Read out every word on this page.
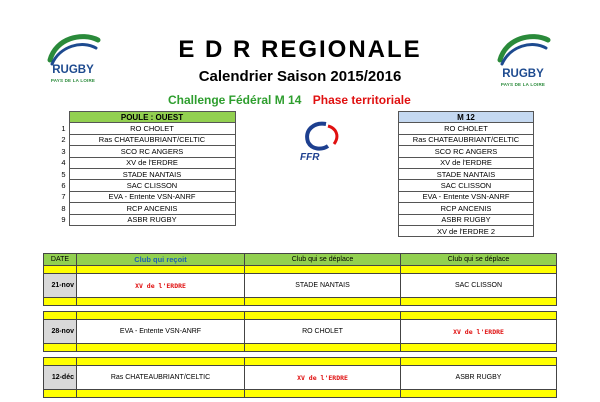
RUGBY
PAYS DE LA LOIRE
RUGBY
PAYS DE LA LOIRE
E D R REGIONALE
Calendrier Saison 2015/2016
Challenge Fédéral M 14 Phase territoriale
	POULE : OUEST
1	RO CHOLET
2	Ras CHATEAUBRIANT/CELTIC
3	SCO RC ANGERS
4	XV de l'ERDRE
5	STADE NANTAIS
6	SAC CLISSON
7	EVA - Entente VSN-ANRF
8	RCP ANCENIS
9	ASBR RUGBY
FFR
M 12
RO CHOLET
Ras CHATEAUBRIANT/CELTIC
SCO RC ANGERS
XV de l'ERDRE
STADE NANTAIS
SAC CLISSON
EVA - Entente VSN-ANRF
RCP ANCENIS
ASBR RUGBY
XV de l'ERDRE 2
DATE	Club qui reçoit	Club qui se déplace	Club qui se déplace

21-nov	XV de l'ERDRE	STADE NANTAIS	SAC CLISSON

28-nov	EVA - Entente VSN-ANRF	RO CHOLET	XV de l'ERDRE

12-déc	Ras CHATEAUBRIANT/CELTIC	XV de l'ERDRE	ASBR RUGBY
